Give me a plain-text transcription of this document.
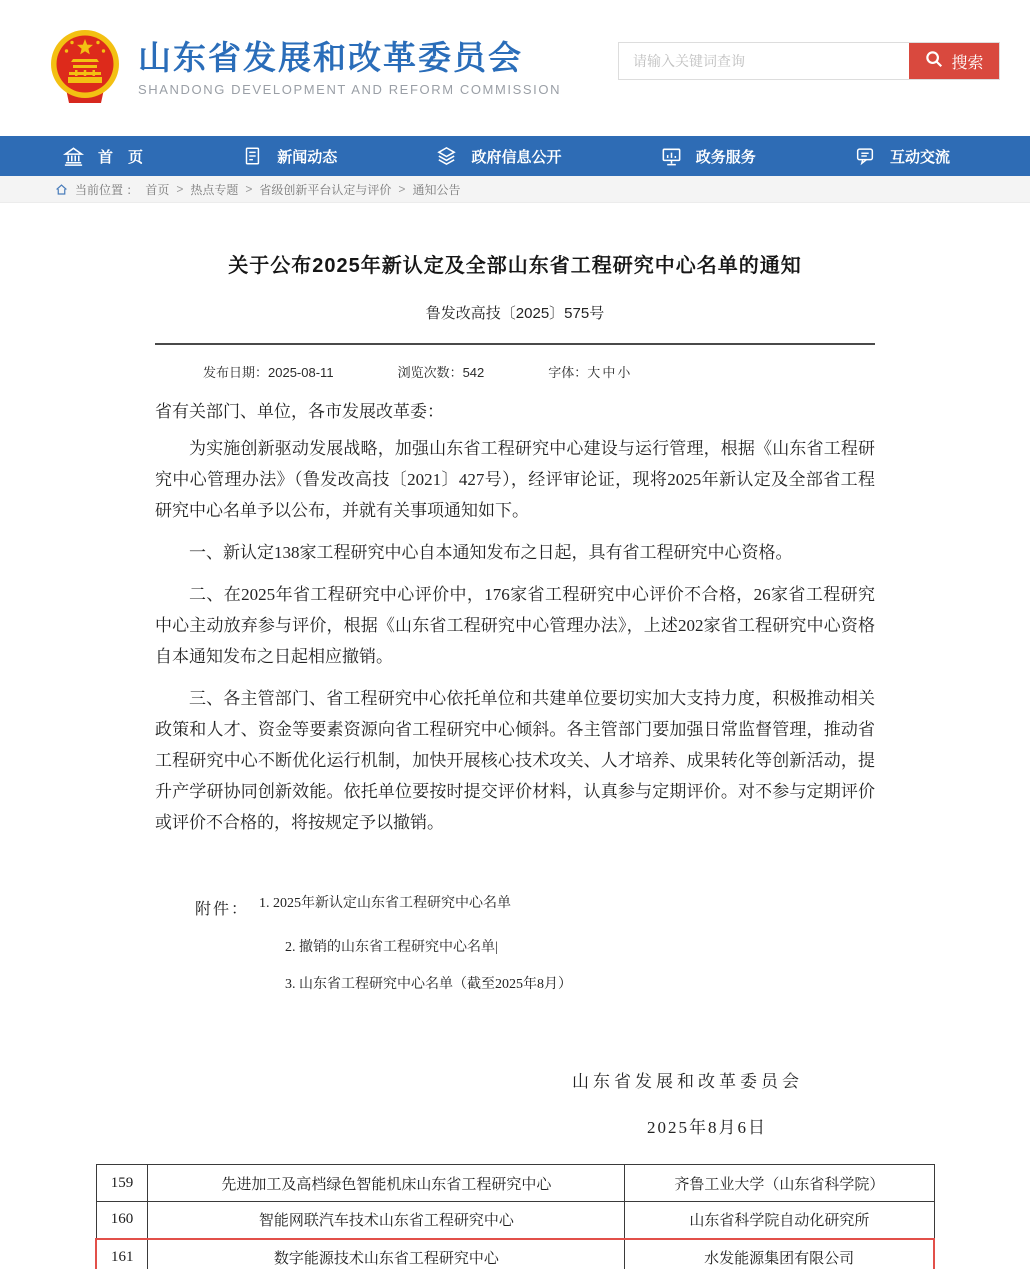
山东省发展和改革委员会
SHANDONG DEVELOPMENT AND REFORM COMMISSION
请输入关键词查询
搜索

首　页

	新闻动态

	政府信息公开

	政务服务

	互动交流
当前位置 ： 首页 > 热点专题 > 省级创新平台认定与评价 > 通知公告
关于公布2025年新认定及全部山东省工程研究中心名单的通知
鲁发改高技〔2025〕575号
发布日期：2025-08-11	浏览次数：542	字体：大 中 小
省有关部门、单位，各市发展改革委：

为实施创新驱动发展战略，加强山东省工程研究中心建设与运行管理，根据《山东省工程研究中心管理办法》（鲁发改高技〔2021〕427号），经评审论证，现将2025年新认定及全部省工程研究中心名单予以公布，并就有关事项通知如下。

一、新认定138家工程研究中心自本通知发布之日起，具有省工程研究中心资格。

二、在2025年省工程研究中心评价中，176家省工程研究中心评价不合格，26家省工程研究中心主动放弃参与评价，根据《山东省工程研究中心管理办法》，上述202家省工程研究中心资格自本通知发布之日起相应撤销。

三、各主管部门、省工程研究中心依托单位和共建单位要切实加大支持力度，积极推动相关政策和人才、资金等要素资源向省工程研究中心倾斜。各主管部门要加强日常监督管理，推动省工程研究中心不断优化运行机制，加快开展核心技术攻关、人才培养、成果转化等创新活动，提升产学研协同创新效能。依托单位要按时提交评价材料，认真参与定期评价。对不参与定期评价或评价不合格的，将按规定予以撤销。

附件： 1. 2025年新认定山东省工程研究中心名单
2. 撤销的山东省工程研究中心名单|
3. 山东省工程研究中心名单（截至2025年8月）
山东省发展和改革委员会
2025年8月6日
159	先进加工及高档绿色智能机床山东省工程研究中心	齐鲁工业大学（山东省科学院）
160	智能网联汽车技术山东省工程研究中心	山东省科学院自动化研究所
161	数字能源技术山东省工程研究中心	水发能源集团有限公司
